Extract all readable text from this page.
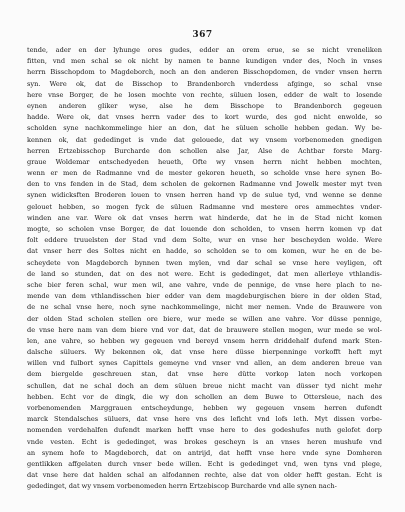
367
tende, ader en der lyhunge ores gudes, edder an orem erue, se se nicht vreneliken
fitten, vnd men schal se ok nicht by namen te banne kundigen vnder des, Noch in vnses
herrn Bisschopdom to Magdeborch, noch an den anderen Bisschopdomen, de vnder vnsen herrn
syn. Were ok, dat de Bisschop to Brandenborch vnderdess afginge, so schal vnse
here vnse Borger, de he losen mochte von rechte, süluen losen, edder de walt to losende
eynen anderen gliker wyse, alse he dem Bisschope to Brandenborch gegeuen
hadde. Were ok, dat vnses herrn vader des to kort wurde, des god nicht enwolde, so
scholden syne nachkommelinge hier an don, dat he süluen scholle hebben gedan. Wy be-
kennen ok, dat gededinget is vnde dat gelouede, dat wy vnsem vorbenomeden gnedigen
herren Ertzebisschop Burcharde don schollen alse Jar, Alse de Achtbar forste Marg-
graue Woldemar entschedyeden heueth, Ofte wy vnsen herrn nicht hebben mochten,
wenn er men de Radmanne vnd de mester gekoren heueth, so scholde vnse here synen Bo-
den to vns fenden in de Stad, dem scholen de gekornen Radmanne vnd Jowelk mester myt tven
synen widicksften Broderen louen to vnsen herren hand vp de sulue tyd, vnd wenne se denne
gelouet hebben, so mogen fyck de süluen Radmanne vnd mestere ores ammechtes vnder-
winden ane var. Were ok dat vnses herrn wat hinderde, dat he in de Stad nicht komen
mogte, so scholen vnse Borger, de dat louende don scholden, to vnsen herrn komen vp dat
folt eddere truuelsten der Stad vnd dem Solte, wur en vnse her bescheyden wolde. Were
dat vnser herr des Soltes nicht en hadde, so scholden se to om komen, wur he en de be-
scheydete von Magdeborch bynnen twen mylen, vnd dar schal se vnse here veyligen, oft
de land so stunden, dat on des not were. Echt is gededinget, dat men allerleye vthlandis-
sche bier feren schal, wur men wil, ane vahre, vnde de pennige, de vnse here plach to ne-
mende van dem vthlandisschen bier edder van dem magdeburgischen biere in der olden Stad,
de ne schal vnse here, noch syne nachkommelinge, nicht mer nemen. Vnde de Brauwere von
der olden Stad scholen stellen ore biere, wur mede se willen ane vahre. Vor düsse pennige,
de vnse here nam van dem biere vnd vor dat, dat de brauwere stellen mogen, wur mede se wol-
len, ane vahre, so hebben wy gegeuen vnd bereyd vnsem herrn driddehalf dufend mark Sten-
dalsche süluers. Wy bekennen ok, dat vnse here düsse bierpenninge vorkofft heft myt
willen vnd fulbort synes Capittels gemeyne vnd vnser vnd allen, an dem anderen breue van
dem biergelde geschreuen stan, dat vnse here dütte vorkop laten noch vorkopen
schullen, dat ne schal doch an dem süluen breue nicht macht van düsser tyd nicht mehr
hebben. Echt vor de dingk, die wy don schollen an dem Buwe to Ottersleue, nach des
vorbenomenden Marggrauen entscheydunge, hebben wy gegeuen vnsem herren dufendt
marck Stendalsches süluers, dat vnse here vns des leficht vnd lofs leth. Myt dissen vorbe-
nomenden verdehalfen dufendt marken hefft vnse here to des godeshufes nuth gelofet dorp
vnde vesten. Echt is gededinget, was brokes gescheyn is an vnses heren mushufe vnd
an synem hofe to Magdeborch, dat on antrijd, dat hefft vnse here vnde syne Domheren
gentlikken affgelaten durch vnser bede willen. Echt is gededinget vnd, wen tyns vnd plege,
dat vnse here dat halden schal an alfodannen rechte, alse dat von older hefft gestan. Echt is
gededinget, dat wy vnsem vorbenomeden herrn Ertzebiscop Burcharde vnd alle synen nach-
